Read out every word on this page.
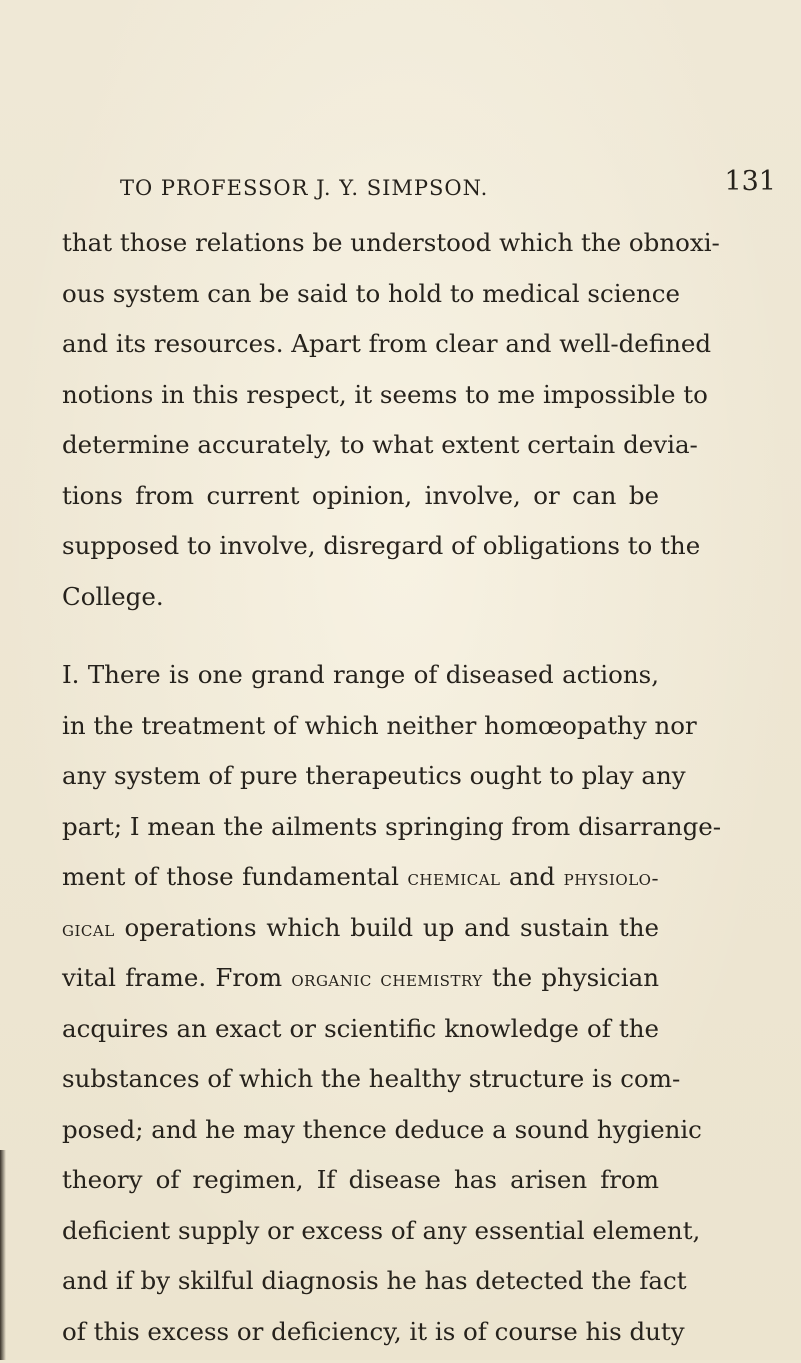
TO PROFESSOR J. Y. SIMPSON.	131
that those relations be understood which the obnoxi-
ous system can be said to hold to medical science
and its resources. Apart from clear and well-defined
notions in this respect, it seems to me impossible to
determine accurately, to what extent certain devia-
tions from current opinion, involve, or can be
supposed to involve, disregard of obligations to the
College.
I. There is one grand range of diseased actions,
in the treatment of which neither homœopathy nor
any system of pure therapeutics ought to play any
part; I mean the ailments springing from disarrange-
ment of those fundamental chemical and physiolo-
gical operations which build up and sustain the
vital frame. From organic chemistry the physician
acquires an exact or scientific knowledge of the
substances of which the healthy structure is com-
posed; and he may thence deduce a sound hygienic
theory of regimen, If disease has arisen from
deficient supply or excess of any essential element,
and if by skilful diagnosis he has detected the fact
of this excess or deficiency, it is of course his duty
